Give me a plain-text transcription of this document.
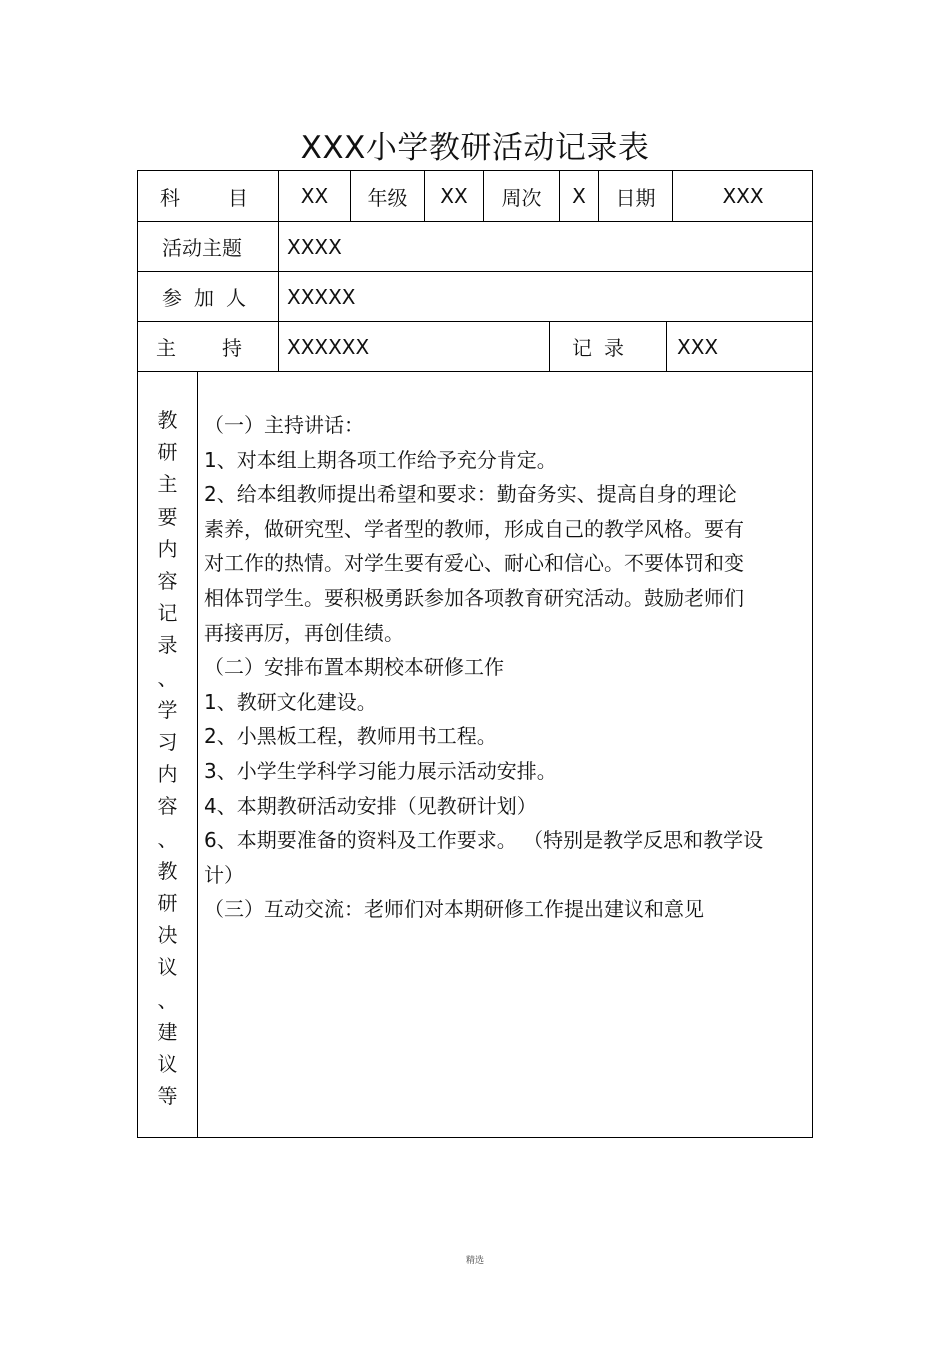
XXX小学教研活动记录表
科 目	XX	年级	XX	周次	X	日期	XXX
活动主题	XXXX
参 加 人	XXXXX
主 持	XXXXXX	记 录	XXX
教
研
主
要
内
容
记
录
、
学
习
内
容
、
教
研
决
议
、
建
议
等
（一）主持讲话：
1、对本组上期各项工作给予充分肯定。
2、给本组教师提出希望和要求：勤奋务实、提高自身的理论
素养，做研究型、学者型的教师，形成自己的教学风格。要有
对工作的热情。对学生要有爱心、耐心和信心。不要体罚和变
相体罚学生。要积极勇跃参加各项教育研究活动。鼓励老师们
再接再厉，再创佳绩。
（二）安排布置本期校本研修工作
1、教研文化建设。
2、小黑板工程，教师用书工程。
3、小学生学科学习能力展示活动安排。
4、本期教研活动安排（见教研计划）
6、本期要准备的资料及工作要求。 （特别是教学反思和教学设
计）
（三）互动交流：老师们对本期研修工作提出建议和意见
精选
